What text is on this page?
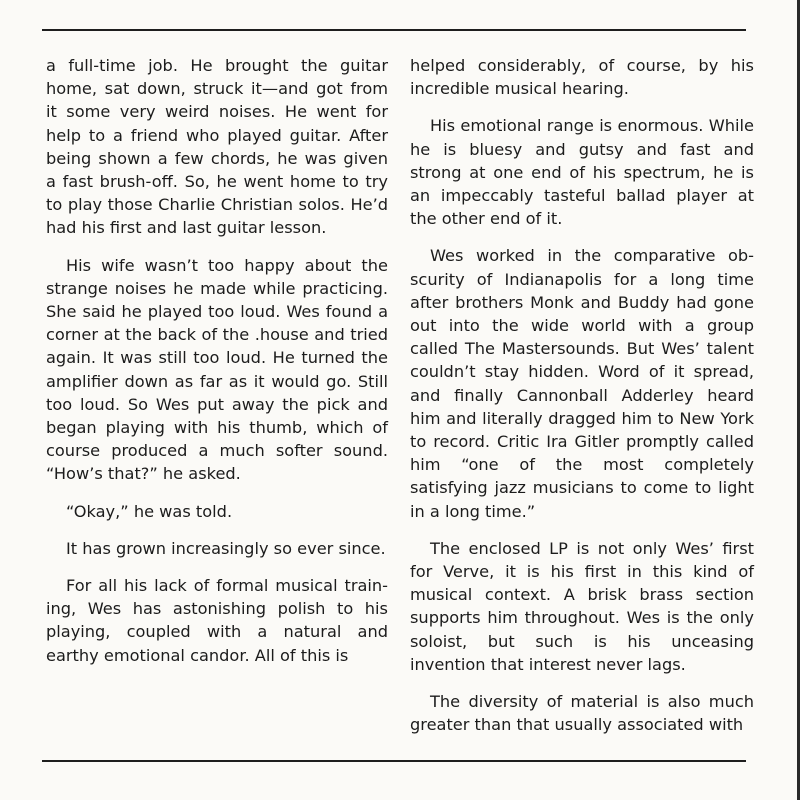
a full-time job. He brought the guitar home, sat down, struck it—and got from it some very weird noises. He went for help to a friend who played guitar. After being shown a few chords, he was given a fast brush-off. So, he went home to try to play those Charlie Christian solos. He’d had his first and last guitar lesson.

His wife wasn’t too happy about the strange noises he made while practicing. She said he played too loud. Wes found a corner at the back of the .house and tried again. It was still too loud. He turned the amplifier down as far as it would go. Still too loud. So Wes put away the pick and began playing with his thumb, which of course produced a much softer sound. “How’s that?” he asked.

“Okay,” he was told.

It has grown increasingly so ever since.

For all his lack of formal musical training, Wes has astonishing polish to his playing, coupled with a natural and earthy emotional candor. All of this is

helped considerably, of course, by his incredible musical hearing.

His emotional range is enormous. While he is bluesy and gutsy and fast and strong at one end of his spectrum, he is an impeccably tasteful ballad player at the other end of it.

Wes worked in the comparative obscurity of Indianapolis for a long time after brothers Monk and Buddy had gone out into the wide world with a group called The Mastersounds. But Wes’ talent couldn’t stay hidden. Word of it spread, and finally Cannonball Adderley heard him and literally dragged him to New York to record. Critic Ira Gitler promptly called him “one of the most completely satisfying jazz musicians to come to light in a long time.”

The enclosed LP is not only Wes’ first for Verve, it is his first in this kind of musical context. A brisk brass section supports him throughout. Wes is the only soloist, but such is his unceasing invention that interest never lags.

The diversity of material is also much greater than that usually associated with
